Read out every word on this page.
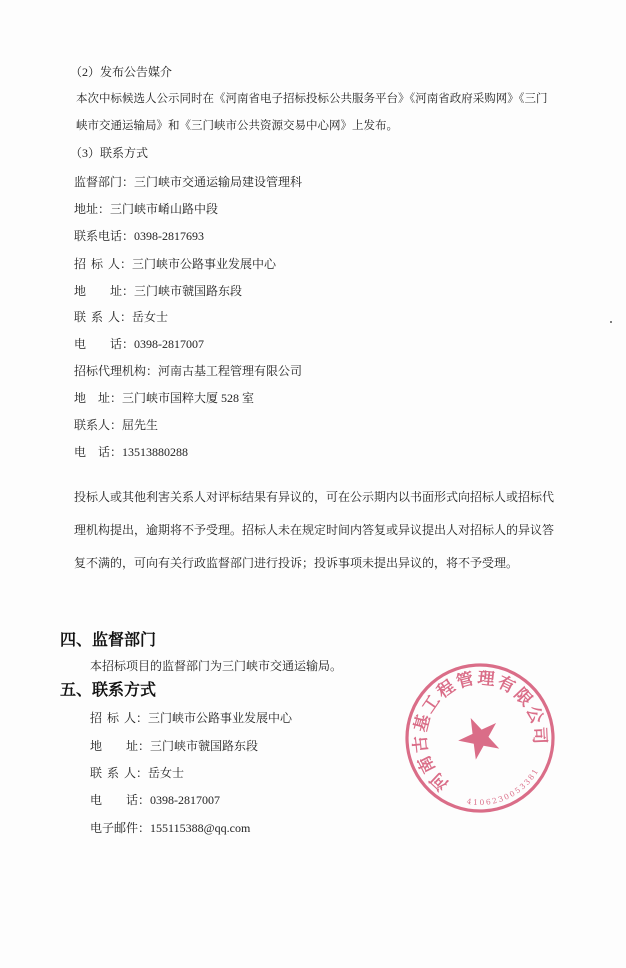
（2）发布公告媒介
本次中标候选人公示同时在《河南省电子招标投标公共服务平台》《河南省政府采购网》《三门
峡市交通运输局》和《三门峡市公共资源交易中心网》上发布。
（3）联系方式
监督部门：三门峡市交通运输局建设管理科
地址：三门峡市崤山路中段
联系电话：0398-2817693
招 标 人：三门峡市公路事业发展中心
地　　址：三门峡市虢国路东段
联 系 人：岳女士
电　　话：0398-2817007
招标代理机构：河南古基工程管理有限公司
地　址：三门峡市国粹大厦 528 室
联系人：屈先生
电　话：13513880288
投标人或其他利害关系人对评标结果有异议的，可在公示期内以书面形式向招标人或招标代
理机构提出，逾期将不予受理。招标人未在规定时间内答复或异议提出人对招标人的异议答
复不满的，可向有关行政监督部门进行投诉；投诉事项未提出异议的，将不予受理。
四、监督部门
本招标项目的监督部门为三门峡市交通运输局。
五、联系方式
招 标 人：三门峡市公路事业发展中心
地　　址：三门峡市虢国路东段
联 系 人：岳女士
电　　话：0398-2817007
电子邮件：155115388@qq.com
河南古基工程管理有限公司
4106230053381
